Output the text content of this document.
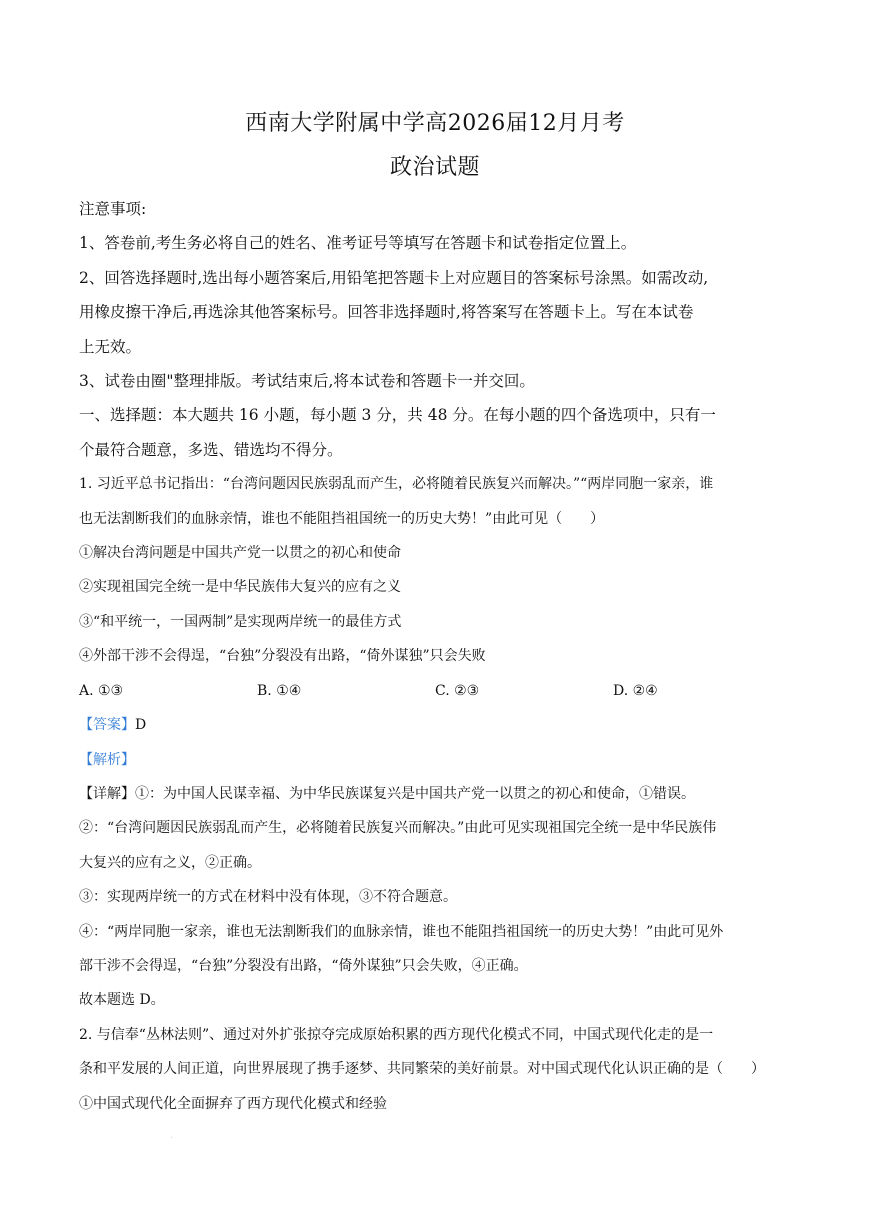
西南大学附属中学高2026届12月月考
政治试题
注意事项:
1、答卷前,考生务必将自己的姓名、准考证号等填写在答题卡和试卷指定位置上。
2、回答选择题时,选出每小题答案后,用铅笔把答题卡上对应题目的答案标号涂黑。如需改动,
用橡皮擦干净后,再选涂其他答案标号。回答非选择题时,将答案写在答题卡上。写在本试卷
上无效。
3、试卷由圈"整理排版。考试结束后,将本试卷和答题卡一并交回。
一、选择题：本大题共 16 小题，每小题 3 分，共 48 分。在每小题的四个备选项中，只有一
个最符合题意，多选、错选均不得分。
1. 习近平总书记指出：“台湾问题因民族弱乱而产生，必将随着民族复兴而解决。”“两岸同胞一家亲，谁
也无法割断我们的血脉亲情，谁也不能阻挡祖国统一的历史大势！”由此可见（　　）
①解决台湾问题是中国共产党一以贯之的初心和使命
②实现祖国完全统一是中华民族伟大复兴的应有之义
③“和平统一，一国两制”是实现两岸统一的最佳方式
④外部干涉不会得逞，“台独”分裂没有出路，“倚外谋独”只会失败
A. ①③	B. ①④	C. ②③	D. ②④
【答案】D
【解析】
【详解】①：为中国人民谋幸福、为中华民族谋复兴是中国共产党一以贯之的初心和使命，①错误。
②：“台湾问题因民族弱乱而产生，必将随着民族复兴而解决。”由此可见实现祖国完全统一是中华民族伟
大复兴的应有之义，②正确。
③：实现两岸统一的方式在材料中没有体现，③不符合题意。
④：“两岸同胞一家亲，谁也无法割断我们的血脉亲情，谁也不能阻挡祖国统一的历史大势！”由此可见外
部干涉不会得逞，“台独”分裂没有出路，“倚外谋独”只会失败，④正确。
故本题选 D。
2. 与信奉“丛林法则”、通过对外扩张掠夺完成原始积累的西方现代化模式不同，中国式现代化走的是一
条和平发展的人间正道，向世界展现了携手逐梦、共同繁荣的美好前景。对中国式现代化认识正确的是（　　）
①中国式现代化全面摒弃了西方现代化模式和经验
·
